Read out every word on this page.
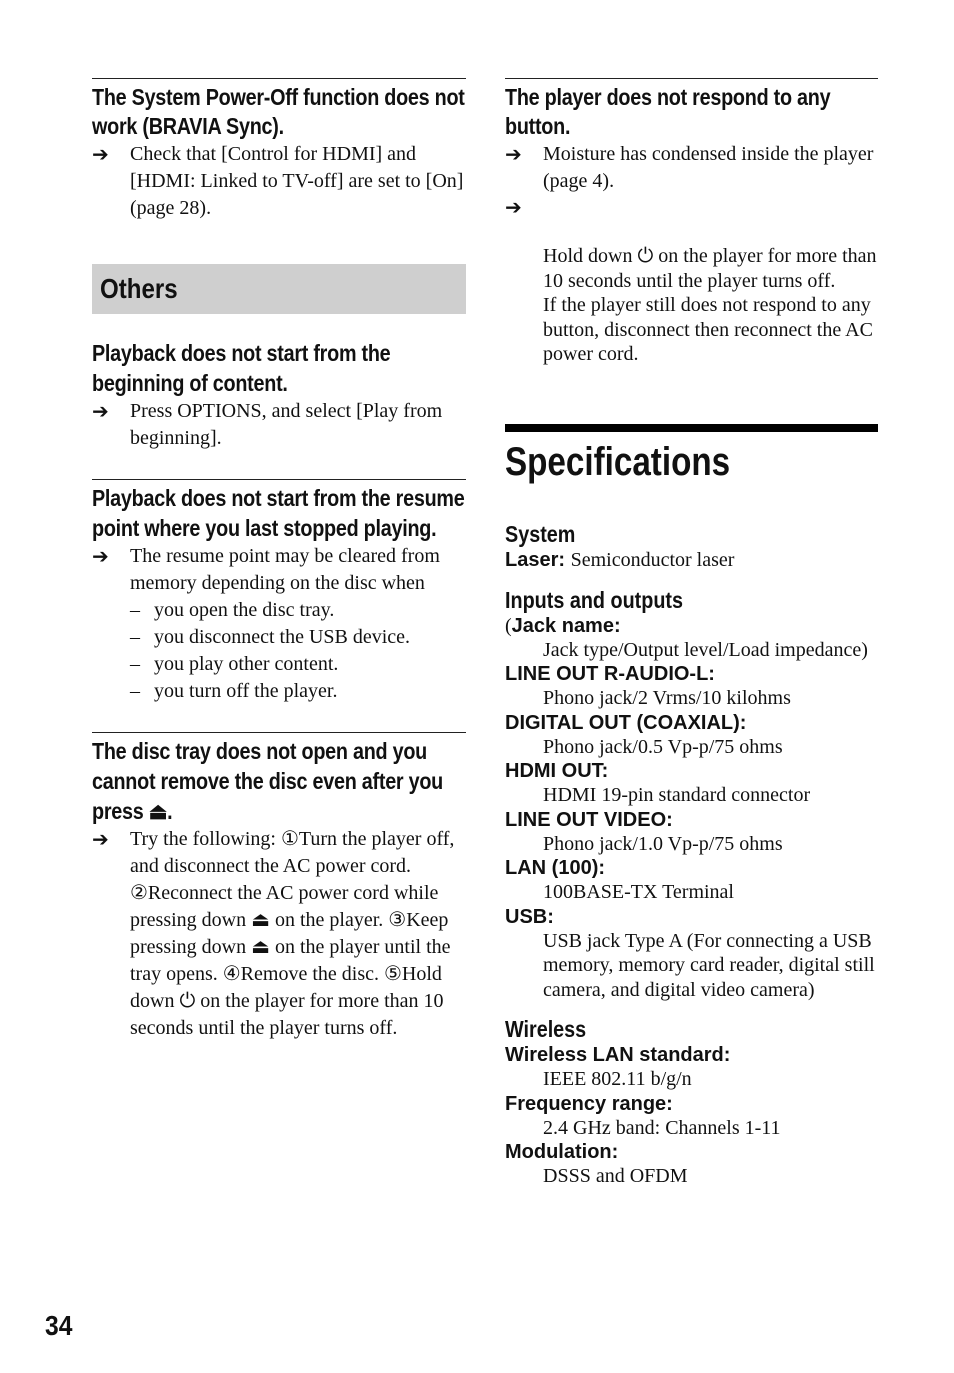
The System Power-Off function does not work (BRAVIA Sync).
➔ Check that [Control for HDMI] and [HDMI: Linked to TV-off] are set to [On] (page 28).
Others
Playback does not start from the beginning of content.
➔ Press OPTIONS, and select [Play from beginning].
Playback does not start from the resume point where you last stopped playing.
➔ The resume point may be cleared from memory depending on the disc when
– you open the disc tray.
– you disconnect the USB device.
– you play other content.
– you turn off the player.
The disc tray does not open and you cannot remove the disc even after you press ⏏.
➔ Try the following: ①Turn the player off, and disconnect the AC power cord. ②Reconnect the AC power cord while pressing down ⏏ on the player. ③Keep pressing down ⏏ on the player until the tray opens. ④Remove the disc. ⑤Hold down ⏻ on the player for more than 10 seconds until the player turns off.
The player does not respond to any button.
➔ Moisture has condensed inside the player (page 4).

➔

Hold down ⏻ on the player for more than 10 seconds until the player turns off.
If the player still does not respond to any button, disconnect then reconnect the AC power cord.

Specifications
System
Laser: Semiconductor laser
Inputs and outputs
(Jack name:
Jack type/Output level/Load impedance)
LINE OUT R-AUDIO-L:
Phono jack/2 Vrms/10 kilohms
DIGITAL OUT (COAXIAL):
Phono jack/0.5 Vp-p/75 ohms
HDMI OUT:
HDMI 19-pin standard connector
LINE OUT VIDEO:
Phono jack/1.0 Vp-p/75 ohms
LAN (100):
100BASE-TX Terminal
USB:
USB jack Type A (For connecting a USB memory, memory card reader, digital still camera, and digital video camera)
Wireless
Wireless LAN standard:
IEEE 802.11 b/g/n
Frequency range:
2.4 GHz band: Channels 1-11
Modulation:
DSSS and OFDM
34
